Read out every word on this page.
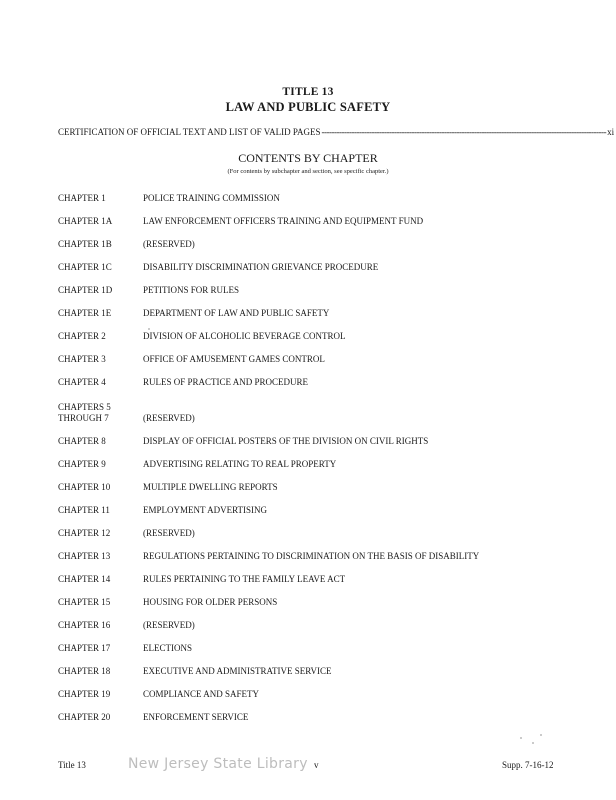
TITLE 13
LAW AND PUBLIC SAFETY
CERTIFICATION OF OFFICIAL TEXT AND LIST OF VALID PAGES ------------------------------------------------------------------------------------------------------------------ xi
CONTENTS BY CHAPTER
(For contents by subchapter and section, see specific chapter.)
CHAPTER 1	POLICE TRAINING COMMISSION
CHAPTER 1A	LAW ENFORCEMENT OFFICERS TRAINING AND EQUIPMENT FUND
CHAPTER 1B	(RESERVED)
CHAPTER 1C	DISABILITY DISCRIMINATION GRIEVANCE PROCEDURE
CHAPTER 1D	PETITIONS FOR RULES
CHAPTER 1E	DEPARTMENT OF LAW AND PUBLIC SAFETY
CHAPTER 2	DIVISION OF ALCOHOLIC BEVERAGE CONTROL
CHAPTER 3	OFFICE OF AMUSEMENT GAMES CONTROL
CHAPTER 4	RULES OF PRACTICE AND PROCEDURE
CHAPTERS 5
THROUGH 7	(RESERVED)
CHAPTER 8	DISPLAY OF OFFICIAL POSTERS OF THE DIVISION ON CIVIL RIGHTS
CHAPTER 9	ADVERTISING RELATING TO REAL PROPERTY
CHAPTER 10	MULTIPLE DWELLING REPORTS
CHAPTER 11	EMPLOYMENT ADVERTISING
CHAPTER 12	(RESERVED)
CHAPTER 13	REGULATIONS PERTAINING TO DISCRIMINATION ON THE BASIS OF DISABILITY
CHAPTER 14	RULES PERTAINING TO THE FAMILY LEAVE ACT
CHAPTER 15	HOUSING FOR OLDER PERSONS
CHAPTER 16	(RESERVED)
CHAPTER 17	ELECTIONS
CHAPTER 18	EXECUTIVE AND ADMINISTRATIVE SERVICE
CHAPTER 19	COMPLIANCE AND SAFETY
CHAPTER 20	ENFORCEMENT SERVICE
Title 13	New Jersey State Library v	Supp. 7-16-12
